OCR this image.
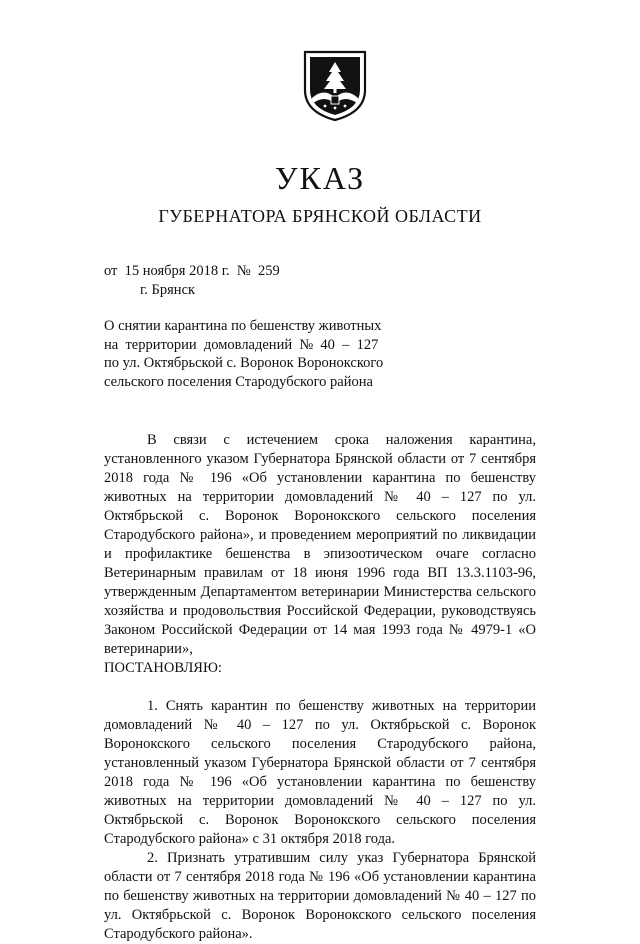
УКАЗ
ГУБЕРНАТОРА БРЯНСКОЙ ОБЛАСТИ
от  15 ноября 2018 г.  №  259
г. Брянск
О снятии карантина по бешенству животных
на  территории  домовладений  №  40  –  127
по ул. Октябрьской с. Воронок Воронокского
сельского поселения Стародубского района

В связи с истечением срока наложения карантина, установленного указом Губернатора Брянской области от 7 сентября 2018 года № 196 «Об установлении карантина по бешенству животных на территории домовладений № 40 – 127 по ул. Октябрьской с. Воронок Воронокского сельского поселения Стародубского района», и проведением мероприятий по ликвидации и профилактике бешенства в эпизоотическом очаге согласно Ветеринарным правилам от 18 июня 1996 года ВП 13.3.1103-96, утвержденным Департаментом ветеринарии Министерства сельского хозяйства и продовольствия Российской Федерации, руководствуясь Законом Российской Федерации от 14 мая 1993 года № 4979-1 «О ветеринарии»,

ПОСТАНОВЛЯЮ:

1. Снять карантин по бешенству животных на территории домовладений № 40 – 127 по ул. Октябрьской с. Воронок Воронокского сельского поселения Стародубского района, установленный указом Губернатора Брянской области от 7 сентября 2018 года № 196 «Об установлении карантина по бешенству животных на территории домовладений № 40 – 127 по ул. Октябрьской с. Воронок Воронокского сельского поселения Стародубского района» с 31 октября 2018 года.

2. Признать утратившим силу указ Губернатора Брянской области от 7 сентября 2018 года № 196 «Об установлении карантина по бешенству животных на территории домовладений № 40 – 127 по ул. Октябрьской с. Воронок Воронокского сельского поселения Стародубского района».
